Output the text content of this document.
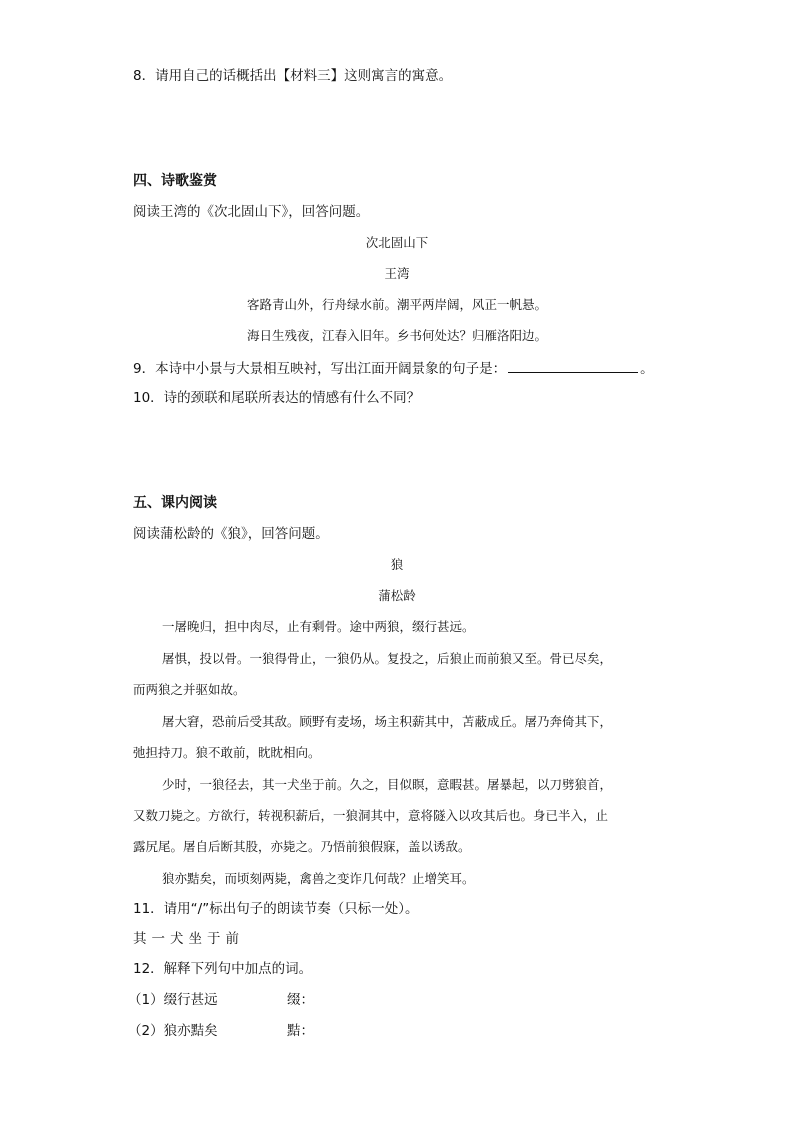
8．请用自己的话概括出【材料三】这则寓言的寓意。
四、诗歌鉴赏
阅读王湾的《次北固山下》，回答问题。
次北固山下
王湾
客路青山外，行舟绿水前。潮平两岸阔，风正一帆悬。
海日生残夜，江春入旧年。乡书何处达？归雁洛阳边。
9．本诗中小景与大景相互映衬，写出江面开阔景象的句子是：	。
10．诗的颈联和尾联所表达的情感有什么不同？
五、课内阅读
阅读蒲松龄的《狼》，回答问题。
狼
蒲松龄
一屠晚归，担中肉尽，止有剩骨。途中两狼，缀行甚远。
屠惧，投以骨。一狼得骨止，一狼仍从。复投之，后狼止而前狼又至。骨已尽矣，
而两狼之并驱如故。
屠大窘，恐前后受其敌。顾野有麦场，场主积薪其中，苫蔽成丘。屠乃奔倚其下，
弛担持刀。狼不敢前，眈眈相向。
少时，一狼径去，其一犬坐于前。久之，目似瞑，意暇甚。屠暴起，以刀劈狼首，
又数刀毙之。方欲行，转视积薪后，一狼洞其中，意将隧入以攻其后也。身已半入，止
露尻尾。屠自后断其股，亦毙之。乃悟前狼假寐，盖以诱敌。
狼亦黠矣，而顷刻两毙，禽兽之变诈几何哉？止增笑耳。
11．请用“/”标出句子的朗读节奏（只标一处）。
其一犬坐于前
12．解释下列句中加点的词。
（1）缀行甚远	缀：
（2）狼亦黠矣	黠：
